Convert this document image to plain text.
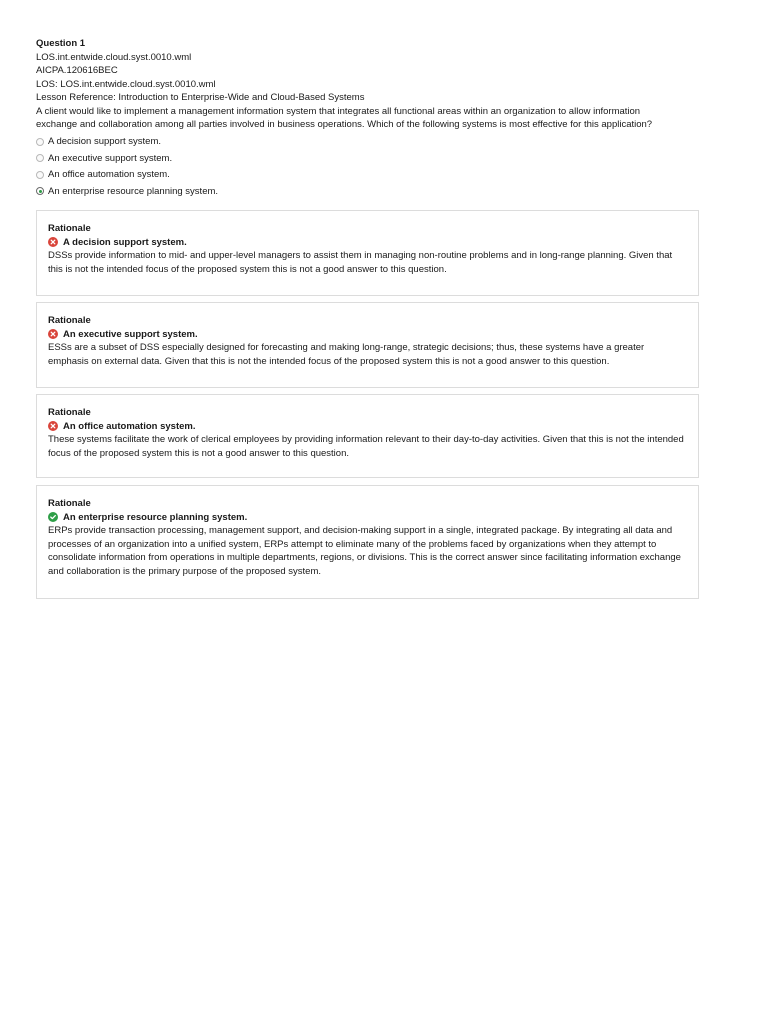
Question 1

LOS.int.entwide.cloud.syst.0010.wml

AICPA.120616BEC

LOS: LOS.int.entwide.cloud.syst.0010.wml

Lesson Reference: Introduction to Enterprise-Wide and Cloud-Based Systems

A client would like to implement a management information system that integrates all functional areas within an organization to allow information exchange and collaboration among all parties involved in business operations. Which of the following systems is most effective for this application?

A decision support system.
An executive support system.
An office automation system.
An enterprise resource planning system.

Rationale

A decision support system.

DSSs provide information to mid- and upper-level managers to assist them in managing non-routine problems and in long-range planning. Given that this is not the intended focus of the proposed system this is not a good answer to this question.

Rationale

An executive support system.

ESSs are a subset of DSS especially designed for forecasting and making long-range, strategic decisions; thus, these systems have a greater emphasis on external data. Given that this is not the intended focus of the proposed system this is not a good answer to this question.

Rationale

An office automation system.

These systems facilitate the work of clerical employees by providing information relevant to their day-to-day activities. Given that this is not the intended focus of the proposed system this is not a good answer to this question.

Rationale

An enterprise resource planning system.

ERPs provide transaction processing, management support, and decision-making support in a single, integrated package. By integrating all data and processes of an organization into a unified system, ERPs attempt to eliminate many of the problems faced by organizations when they attempt to consolidate information from operations in multiple departments, regions, or divisions. This is the correct answer since facilitating information exchange and collaboration is the primary purpose of the proposed system.
